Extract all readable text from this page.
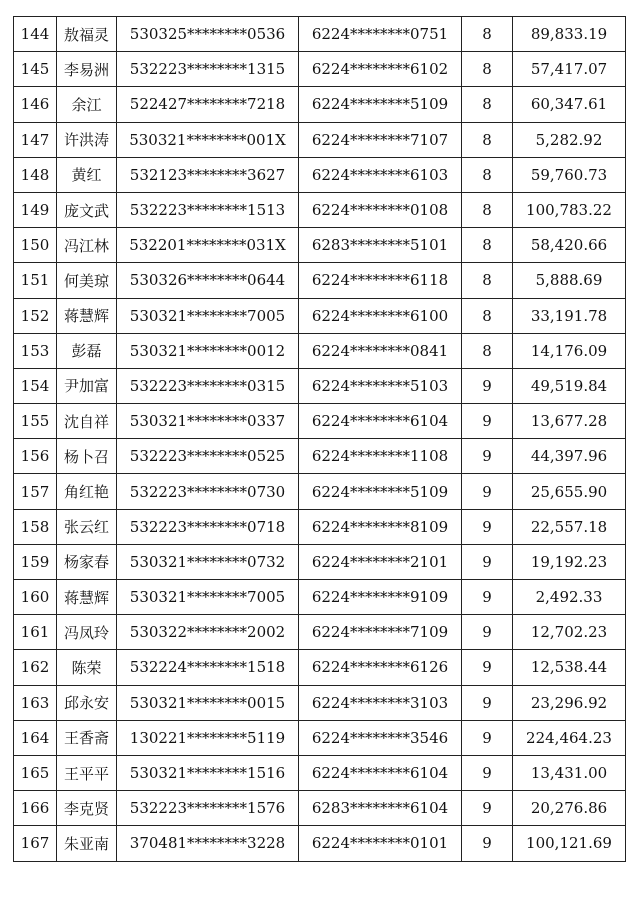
144	敖福灵	530325********0536	6224********0751	8	89,833.19
145	李易洲	532223********1315	6224********6102	8	57,417.07
146	余江	522427********7218	6224********5109	8	60,347.61
147	许洪涛	530321********001X	6224********7107	8	5,282.92
148	黄红	532123********3627	6224********6103	8	59,760.73
149	庞文武	532223********1513	6224********0108	8	100,783.22
150	冯江林	532201********031X	6283********5101	8	58,420.66
151	何美琼	530326********0644	6224********6118	8	5,888.69
152	蒋慧辉	530321********7005	6224********6100	8	33,191.78
153	彭磊	530321********0012	6224********0841	8	14,176.09
154	尹加富	532223********0315	6224********5103	9	49,519.84
155	沈自祥	530321********0337	6224********6104	9	13,677.28
156	杨卜召	532223********0525	6224********1108	9	44,397.96
157	角红艳	532223********0730	6224********5109	9	25,655.90
158	张云红	532223********0718	6224********8109	9	22,557.18
159	杨家春	530321********0732	6224********2101	9	19,192.23
160	蒋慧辉	530321********7005	6224********9109	9	2,492.33
161	冯凤玲	530322********2002	6224********7109	9	12,702.23
162	陈荣	532224********1518	6224********6126	9	12,538.44
163	邱永安	530321********0015	6224********3103	9	23,296.92
164	王香斋	130221********5119	6224********3546	9	224,464.23
165	王平平	530321********1516	6224********6104	9	13,431.00
166	李克贤	532223********1576	6283********6104	9	20,276.86
167	朱亚南	370481********3228	6224********0101	9	100,121.69
